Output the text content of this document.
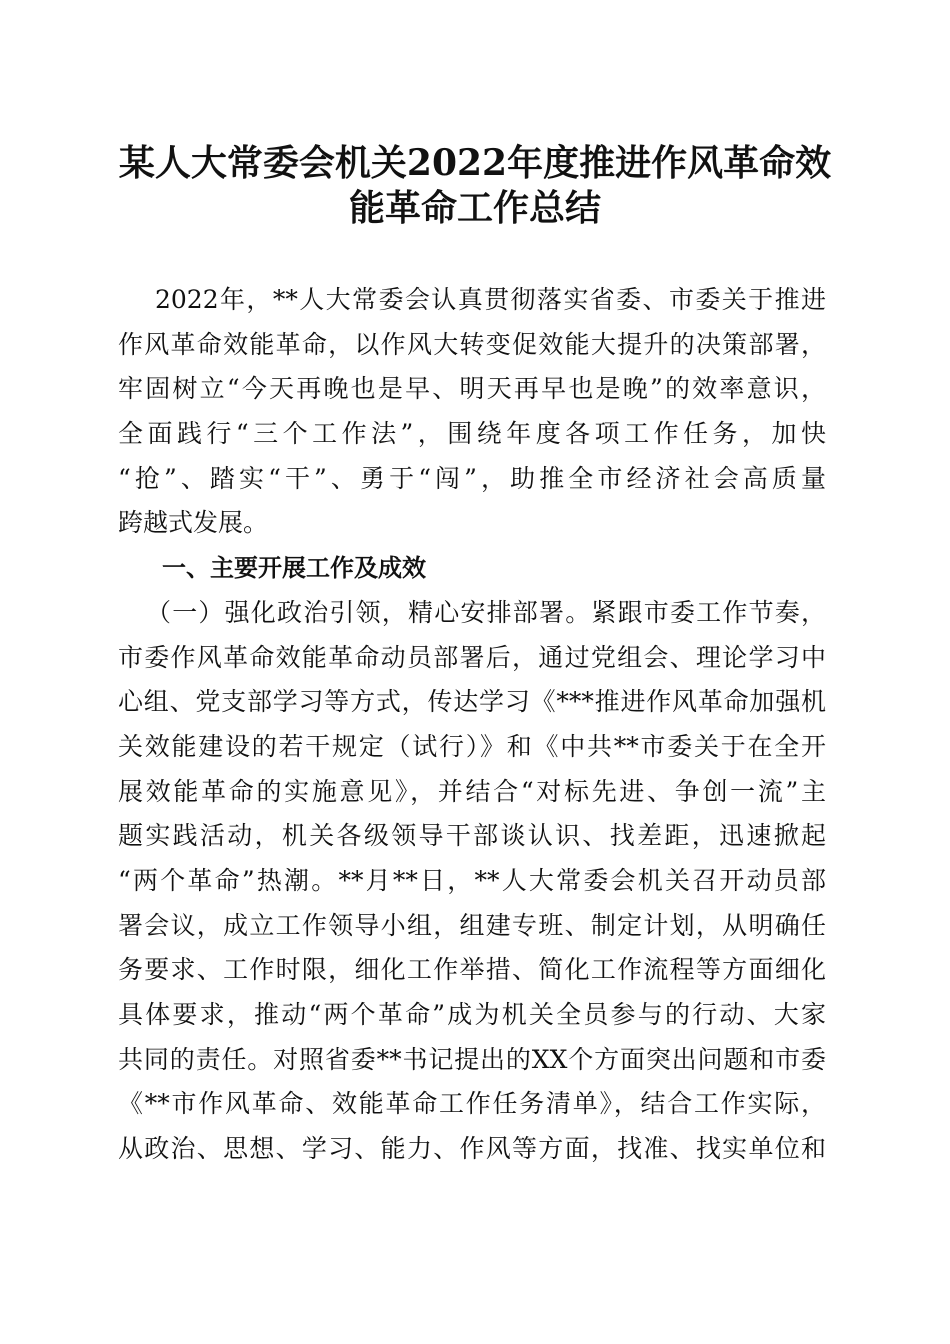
某人大常委会机关2022年度推进作风革命效
能革命工作总结
2022年，**人大常委会认真贯彻落实省委、市委关于推进
作风革命效能革命，以作风大转变促效能大提升的决策部署，
牢固树立“今天再晚也是早、明天再早也是晚”的效率意识，
全面践行“三个工作法”，围绕年度各项工作任务，加快
“抢”、踏实“干”、勇于“闯”，助推全市经济社会高质量
跨越式发展。
一、主要开展工作及成效
（一）强化政治引领，精心安排部署。紧跟市委工作节奏，
市委作风革命效能革命动员部署后，通过党组会、理论学习中
心组、党支部学习等方式，传达学习《***推进作风革命加强机
关效能建设的若干规定（试行）》和《中共**市委关于在全开
展效能革命的实施意见》，并结合“对标先进、争创一流”主
题实践活动，机关各级领导干部谈认识、找差距，迅速掀起
“两个革命”热潮。**月**日，**人大常委会机关召开动员部
署会议，成立工作领导小组，组建专班、制定计划，从明确任
务要求、工作时限，细化工作举措、简化工作流程等方面细化
具体要求，推动“两个革命”成为机关全员参与的行动、大家
共同的责任。对照省委**书记提出的XX个方面突出问题和市委
《**市作风革命、效能革命工作任务清单》，结合工作实际，
从政治、思想、学习、能力、作风等方面，找准、找实单位和
